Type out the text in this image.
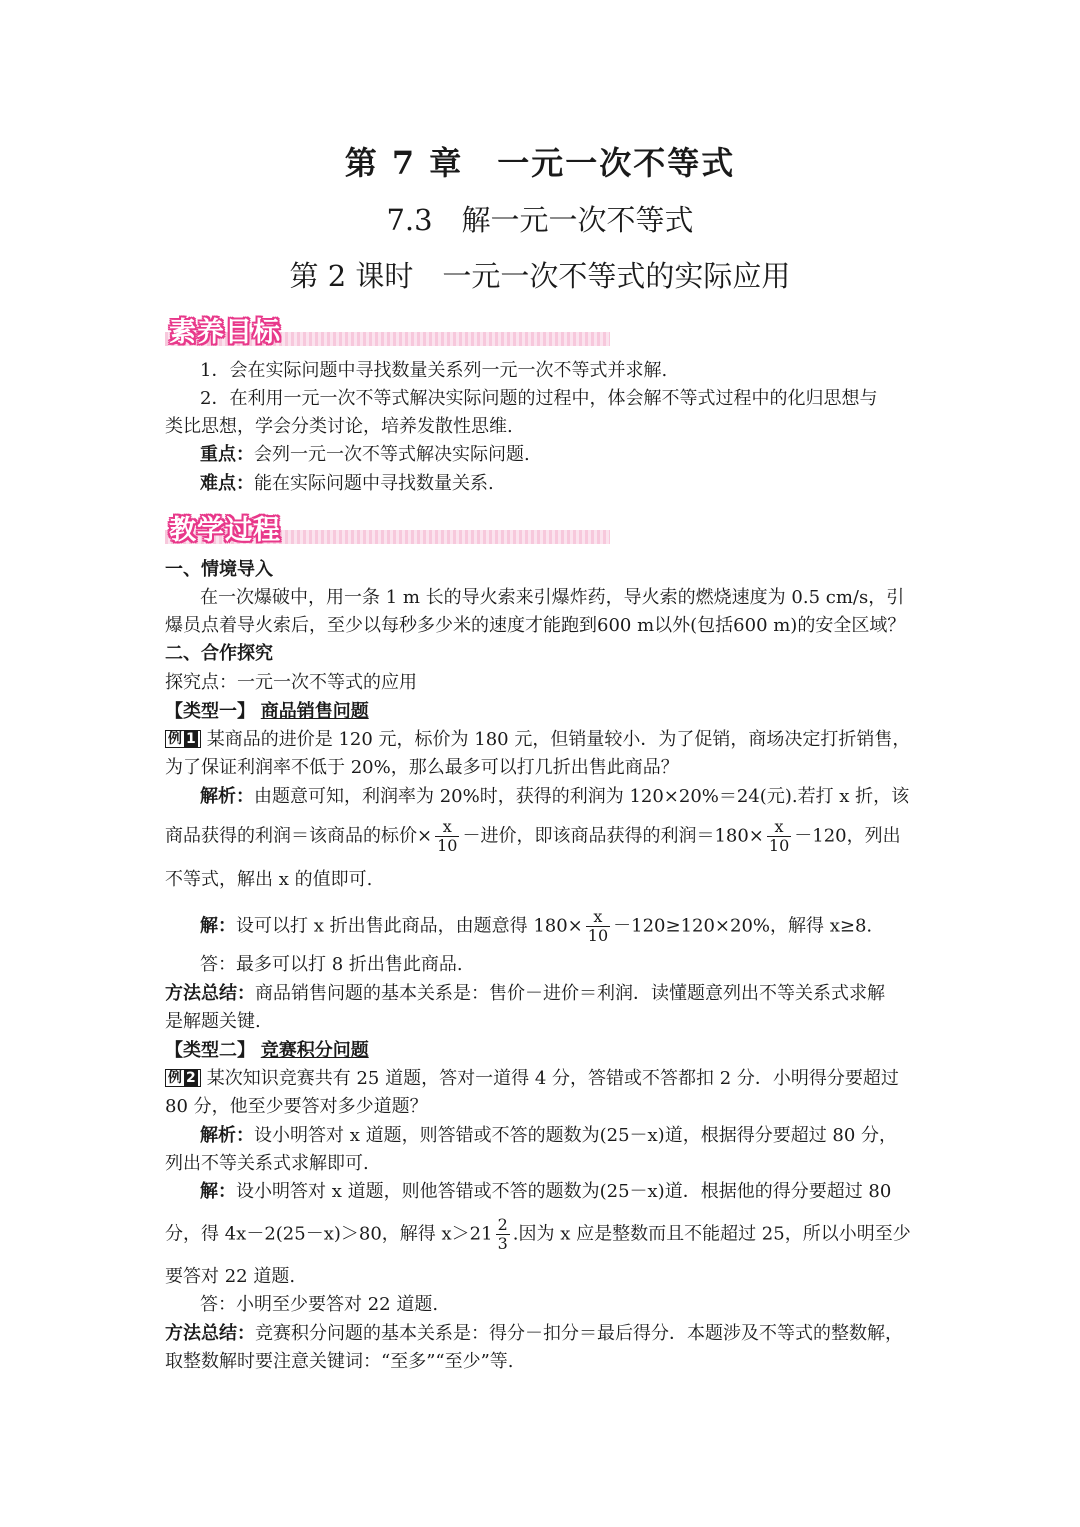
第 7 章　一元一次不等式
7.3　解一元一次不等式
第 2 课时　一元一次不等式的实际应用
素养目标
1．会在实际问题中寻找数量关系列一元一次不等式并求解.
2．在利用一元一次不等式解决实际问题的过程中，体会解不等式过程中的化归思想与
类比思想，学会分类讨论，培养发散性思维.
重点：会列一元一次不等式解决实际问题.
难点：能在实际问题中寻找数量关系.
教学过程
一、情境导入
在一次爆破中，用一条 1 m 长的导火索来引爆炸药，导火索的燃烧速度为 0.5 cm/s，引
爆员点着导火索后，至少以每秒多少米的速度才能跑到600 m以外(包括600 m)的安全区域？
二、合作探究
探究点：一元一次不等式的应用
【类型一】 商品销售问题
例 1 某商品的进价是 120 元，标价为 180 元，但销量较小．为了促销，商场决定打折销售，
为了保证利润率不低于 20%，那么最多可以打几折出售此商品？
解析：由题意可知，利润率为 20%时，获得的利润为 120×20%＝24(元).若打 x 折，该
商品获得的利润＝该商品的标价× $\frac{x}{10}$ －进价，即该商品获得的利润$=180\times \frac{x}{10} -120$，列出
不等式，解出 x 的值即可.
解：设可以打 x 折出售此商品，由题意得 $180\times \frac{x}{10} -120\ge 120\times 20\%$，解得 x≥8.
答：最多可以打 8 折出售此商品.
方法总结：商品销售问题的基本关系是：售价－进价＝利润．读懂题意列出不等关系式求解
是解题关键.
【类型二】 竞赛积分问题
例 2 某次知识竞赛共有 25 道题，答对一道得 4 分，答错或不答都扣 2 分．小明得分要超过
80 分，他至少要答对多少道题？
解析：设小明答对 x 道题，则答错或不答的题数为(25－x)道，根据得分要超过 80 分，
列出不等关系式求解即可.
解：设小明答对 x 道题，则他答错或不答的题数为(25－x)道．根据他的得分要超过 80
分，得 4x－2(25－x)＞80，解得 $x>21 \frac{2}{3}$ .因为 x 应是整数而且不能超过 25，所以小明至少
要答对 22 道题.
答：小明至少要答对 22 道题.
方法总结：竞赛积分问题的基本关系是：得分－扣分＝最后得分．本题涉及不等式的整数解，
取整数解时要注意关键词：“至多”“至少”等.
